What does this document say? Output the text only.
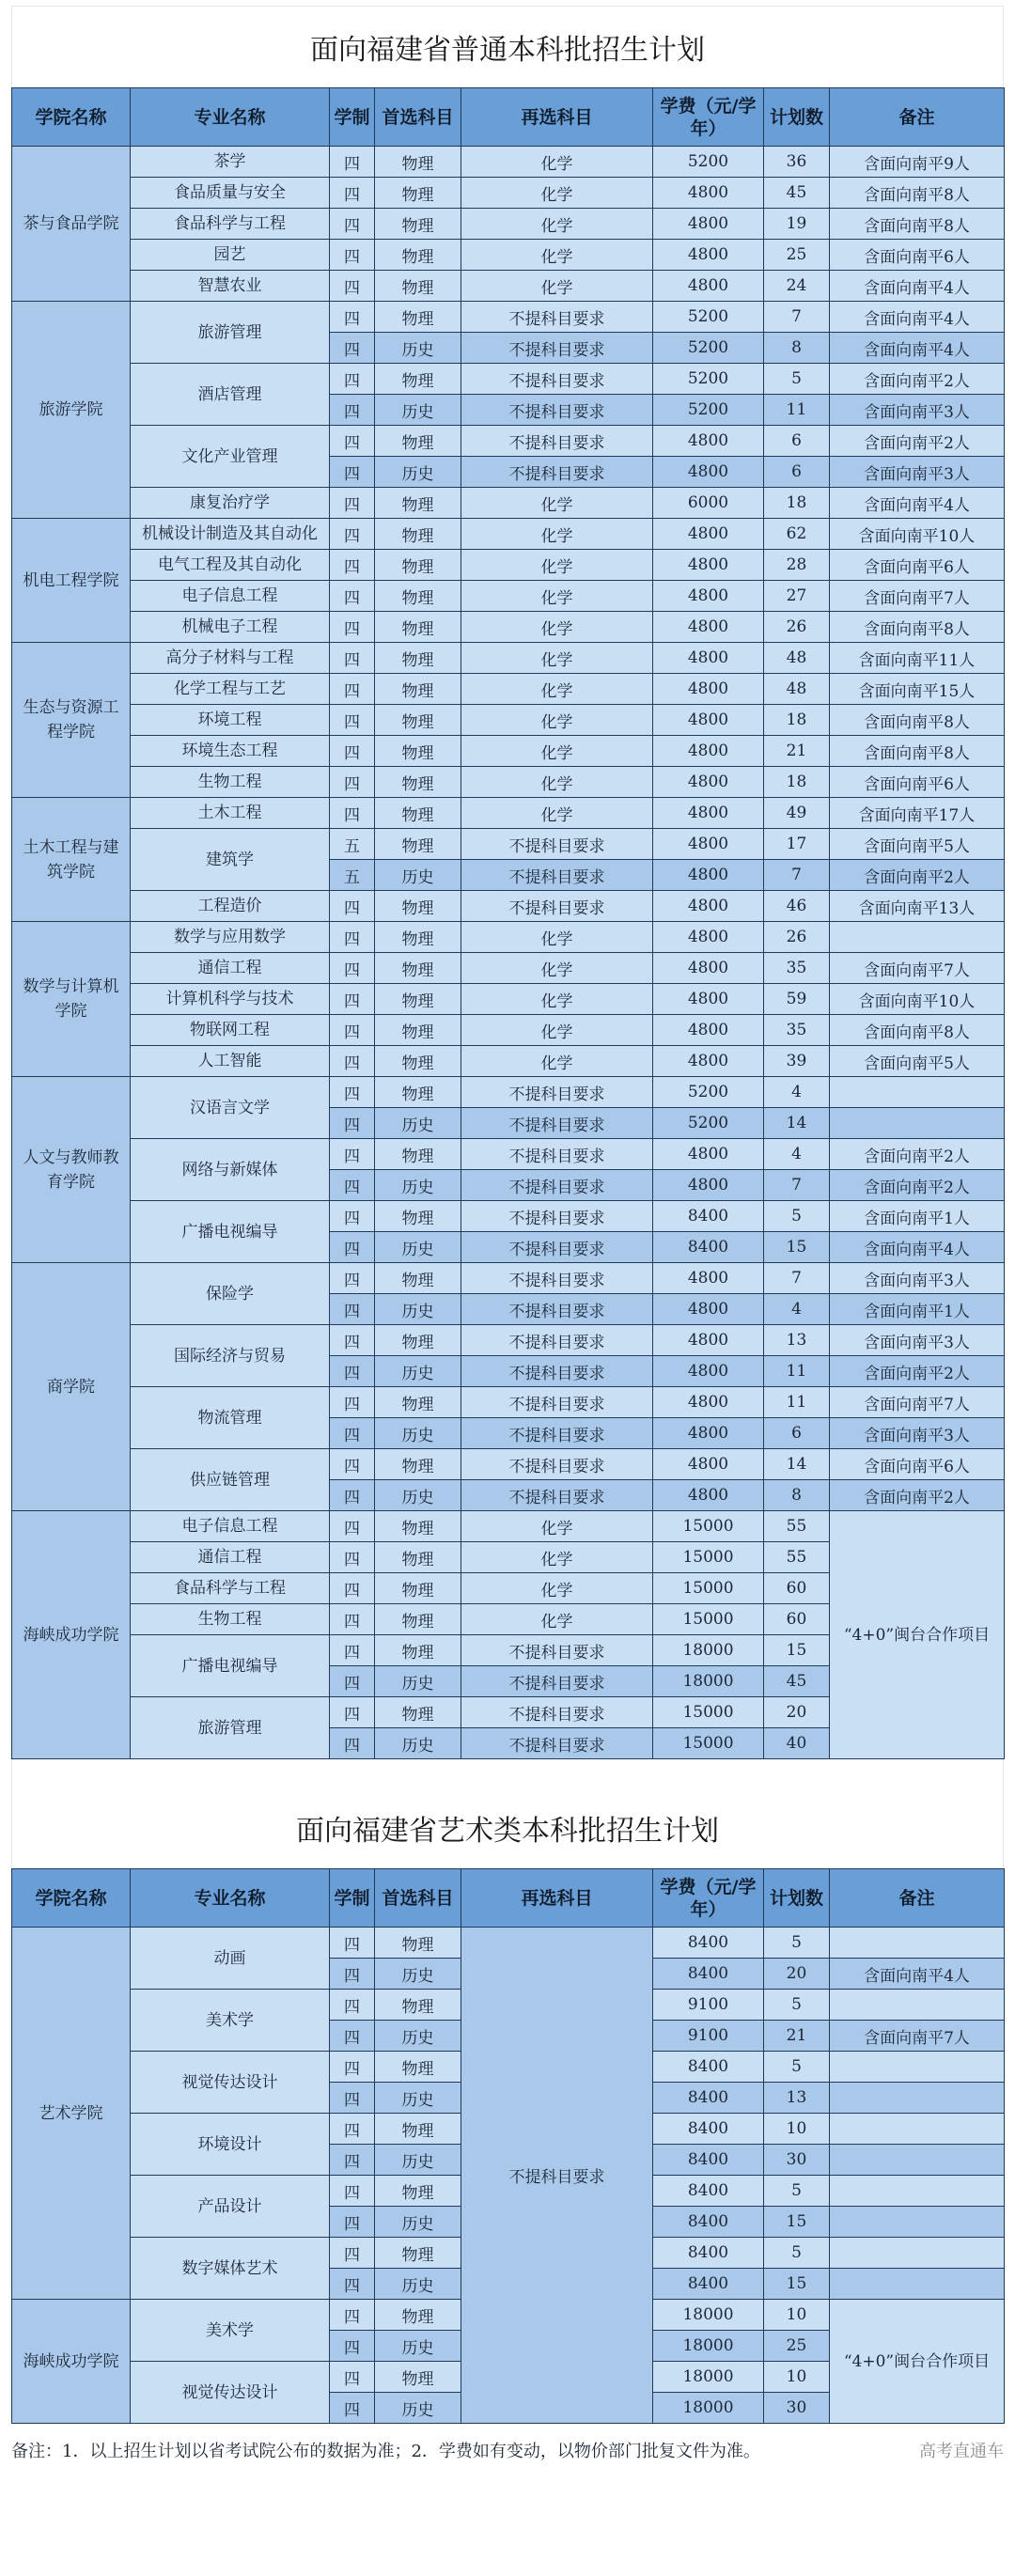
面向福建省普通本科批招生计划
学院名称	专业名称	学制	首选科目	再选科目	学费（元/学年）	计划数	备注
茶与食品学院	茶学	四	物理	化学	5200	36	含面向南平9人
	食品质量与安全	四	物理	化学	4800	45	含面向南平8人
	食品科学与工程	四	物理	化学	4800	19	含面向南平8人
	园艺	四	物理	化学	4800	25	含面向南平6人
	智慧农业	四	物理	化学	4800	24	含面向南平4人
旅游学院	旅游管理	四	物理	不提科目要求	5200	7	含面向南平4人
		四	历史	不提科目要求	5200	8	含面向南平4人
	酒店管理	四	物理	不提科目要求	5200	5	含面向南平2人
		四	历史	不提科目要求	5200	11	含面向南平3人
	文化产业管理	四	物理	不提科目要求	4800	6	含面向南平2人
		四	历史	不提科目要求	4800	6	含面向南平3人
	康复治疗学	四	物理	化学	6000	18	含面向南平4人
机电工程学院	机械设计制造及其自动化	四	物理	化学	4800	62	含面向南平10人
	电气工程及其自动化	四	物理	化学	4800	28	含面向南平6人
	电子信息工程	四	物理	化学	4800	27	含面向南平7人
	机械电子工程	四	物理	化学	4800	26	含面向南平8人
生态与资源工程学院	高分子材料与工程	四	物理	化学	4800	48	含面向南平11人
	化学工程与工艺	四	物理	化学	4800	48	含面向南平15人
	环境工程	四	物理	化学	4800	18	含面向南平8人
	环境生态工程	四	物理	化学	4800	21	含面向南平8人
	生物工程	四	物理	化学	4800	18	含面向南平6人
土木工程与建筑学院	土木工程	四	物理	化学	4800	49	含面向南平17人
	建筑学	五	物理	不提科目要求	4800	17	含面向南平5人
		五	历史	不提科目要求	4800	7	含面向南平2人
	工程造价	四	物理	不提科目要求	4800	46	含面向南平13人
数学与计算机学院	数学与应用数学	四	物理	化学	4800	26	
	通信工程	四	物理	化学	4800	35	含面向南平7人
	计算机科学与技术	四	物理	化学	4800	59	含面向南平10人
	物联网工程	四	物理	化学	4800	35	含面向南平8人
	人工智能	四	物理	化学	4800	39	含面向南平5人
人文与教师教育学院	汉语言文学	四	物理	不提科目要求	5200	4	
		四	历史	不提科目要求	5200	14	
	网络与新媒体	四	物理	不提科目要求	4800	4	含面向南平2人
		四	历史	不提科目要求	4800	7	含面向南平2人
	广播电视编导	四	物理	不提科目要求	8400	5	含面向南平1人
		四	历史	不提科目要求	8400	15	含面向南平4人
商学院	保险学	四	物理	不提科目要求	4800	7	含面向南平3人
		四	历史	不提科目要求	4800	4	含面向南平1人
	国际经济与贸易	四	物理	不提科目要求	4800	13	含面向南平3人
		四	历史	不提科目要求	4800	11	含面向南平2人
	物流管理	四	物理	不提科目要求	4800	11	含面向南平7人
		四	历史	不提科目要求	4800	6	含面向南平3人
	供应链管理	四	物理	不提科目要求	4800	14	含面向南平6人
		四	历史	不提科目要求	4800	8	含面向南平2人
海峡成功学院	电子信息工程	四	物理	化学	15000	55	“4+0”闽台合作项目
	通信工程	四	物理	化学	15000	55	
	食品科学与工程	四	物理	化学	15000	60	
	生物工程	四	物理	化学	15000	60	
	广播电视编导	四	物理	不提科目要求	18000	15	
		四	历史	不提科目要求	18000	45	
	旅游管理	四	物理	不提科目要求	15000	20	
		四	历史	不提科目要求	15000	40	
面向福建省艺术类本科批招生计划
学院名称	专业名称	学制	首选科目	再选科目	学费（元/学年）	计划数	备注
艺术学院	动画	四	物理	不提科目要求	8400	5	
		四	历史		8400	20	含面向南平4人
	美术学	四	物理		9100	5	
		四	历史		9100	21	含面向南平7人
	视觉传达设计	四	物理		8400	5	
		四	历史		8400	13	
	环境设计	四	物理		8400	10	
		四	历史		8400	30	
	产品设计	四	物理		8400	5	
		四	历史		8400	15	
	数字媒体艺术	四	物理		8400	5	
		四	历史		8400	15	
海峡成功学院	美术学	四	物理		18000	10	“4+0”闽台合作项目
		四	历史		18000	25	
	视觉传达设计	四	物理		18000	10	
		四	历史		18000	30	
备注：1．以上招生计划以省考试院公布的数据为准；2．学费如有变动，以物价部门批复文件为准。	高考直通车
